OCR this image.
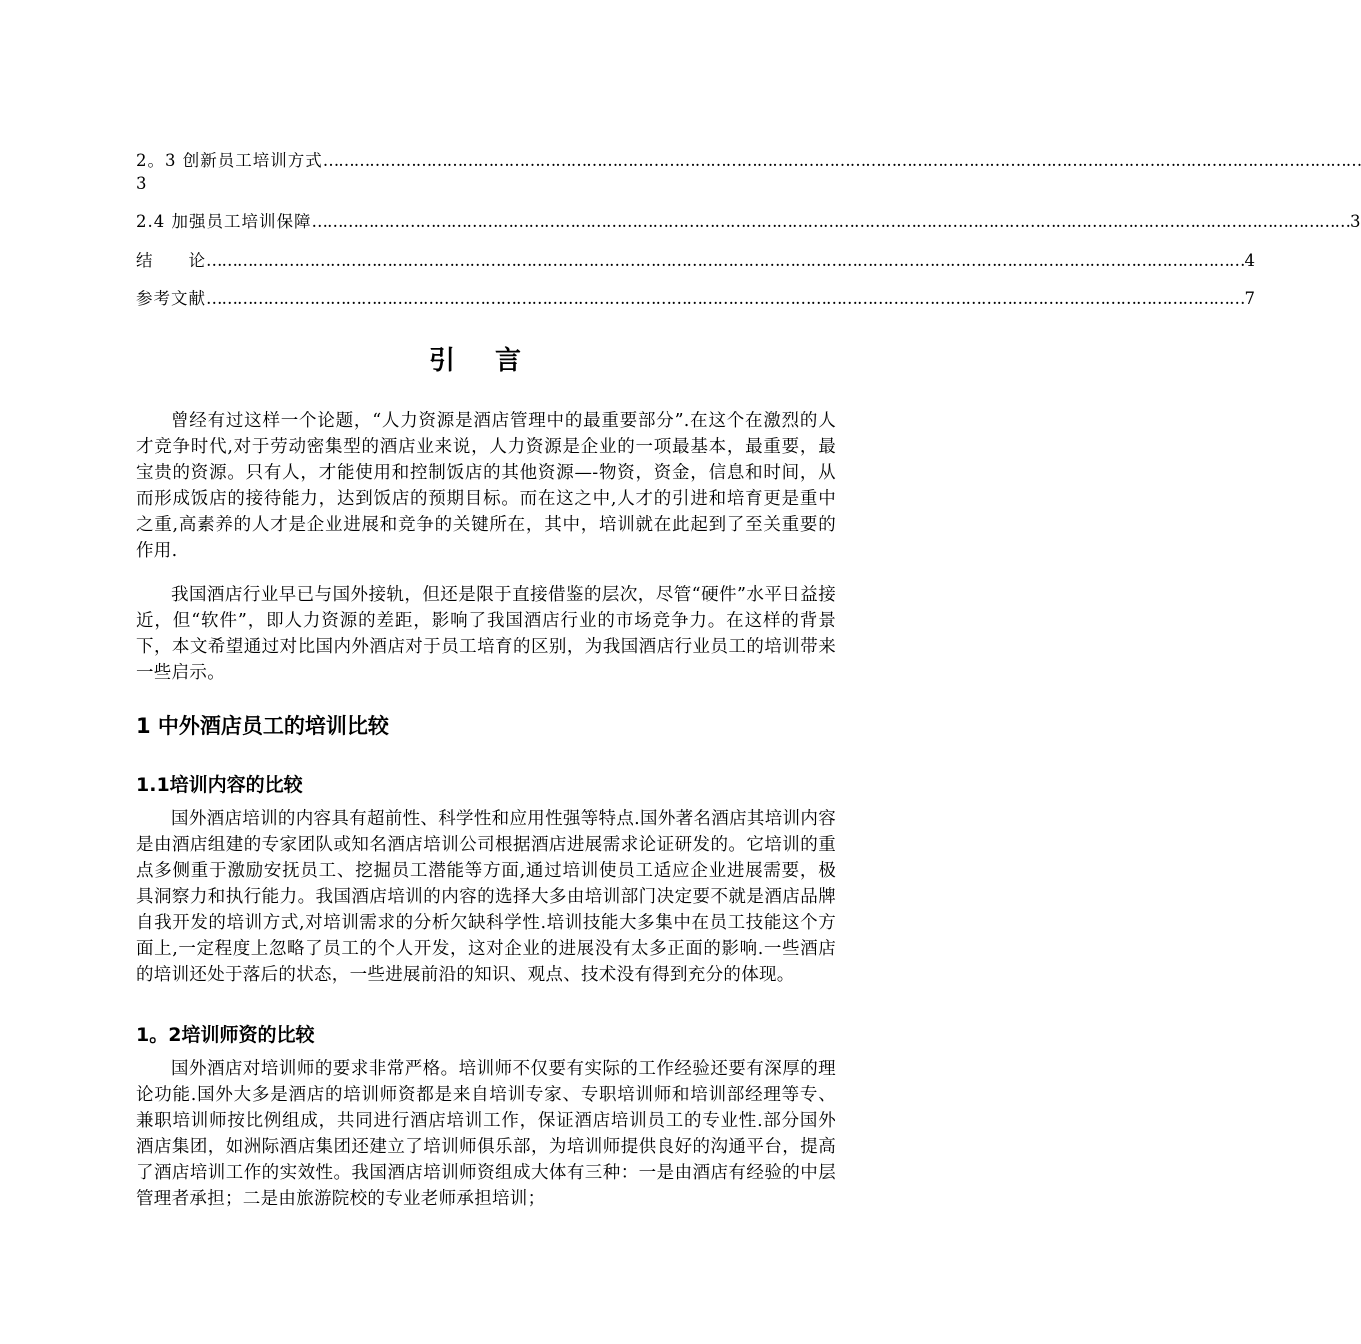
2。3 创新员工培训方式 …………………………………………………………………………………………………………………………………………………………………………………
3
2.4 加强员工培训保障 ………………………………………………………………………………………………………………………………………………………………………………… 3
结　　论 ………………………………………………………………………………………………………………………………………………………………………………… 4
参考文献 ………………………………………………………………………………………………………………………………………………………………………………… 7
引言

曾经有过这样一个论题，“人力资源是酒店管理中的最重要部分”.在这个在激烈的人才竞争时代,对于劳动密集型的酒店业来说，人力资源是企业的一项最基本，最重要，最宝贵的资源。只有人，才能使用和控制饭店的其他资源—-物资，资金，信息和时间，从而形成饭店的接待能力，达到饭店的预期目标。而在这之中,人才的引进和培育更是重中之重,高素养的人才是企业进展和竞争的关键所在，其中，培训就在此起到了至关重要的作用.

我国酒店行业早已与国外接轨，但还是限于直接借鉴的层次，尽管“硬件”水平日益接近，但“软件”，即人力资源的差距，影响了我国酒店行业的市场竞争力。在这样的背景下，本文希望通过对比国内外酒店对于员工培育的区别，为我国酒店行业员工的培训带来一些启示。

1 中外酒店员工的培训比较
1.1培训内容的比较

国外酒店培训的内容具有超前性、科学性和应用性强等特点.国外著名酒店其培训内容是由酒店组建的专家团队或知名酒店培训公司根据酒店进展需求论证研发的。它培训的重点多侧重于激励安抚员工、挖掘员工潜能等方面,通过培训使员工适应企业进展需要，极具洞察力和执行能力。我国酒店培训的内容的选择大多由培训部门决定要不就是酒店品牌自我开发的培训方式,对培训需求的分析欠缺科学性.培训技能大多集中在员工技能这个方面上,一定程度上忽略了员工的个人开发，这对企业的进展没有太多正面的影响.一些酒店的培训还处于落后的状态，一些进展前沿的知识、观点、技术没有得到充分的体现。

1。2培训师资的比较

国外酒店对培训师的要求非常严格。培训师不仅要有实际的工作经验还要有深厚的理论功能.国外大多是酒店的培训师资都是来自培训专家、专职培训师和培训部经理等专、兼职培训师按比例组成，共同进行酒店培训工作，保证酒店培训员工的专业性.部分国外酒店集团，如洲际酒店集团还建立了培训师俱乐部，为培训师提供良好的沟通平台，提高了酒店培训工作的实效性。我国酒店培训师资组成大体有三种：一是由酒店有经验的中层管理者承担；二是由旅游院校的专业老师承担培训；
